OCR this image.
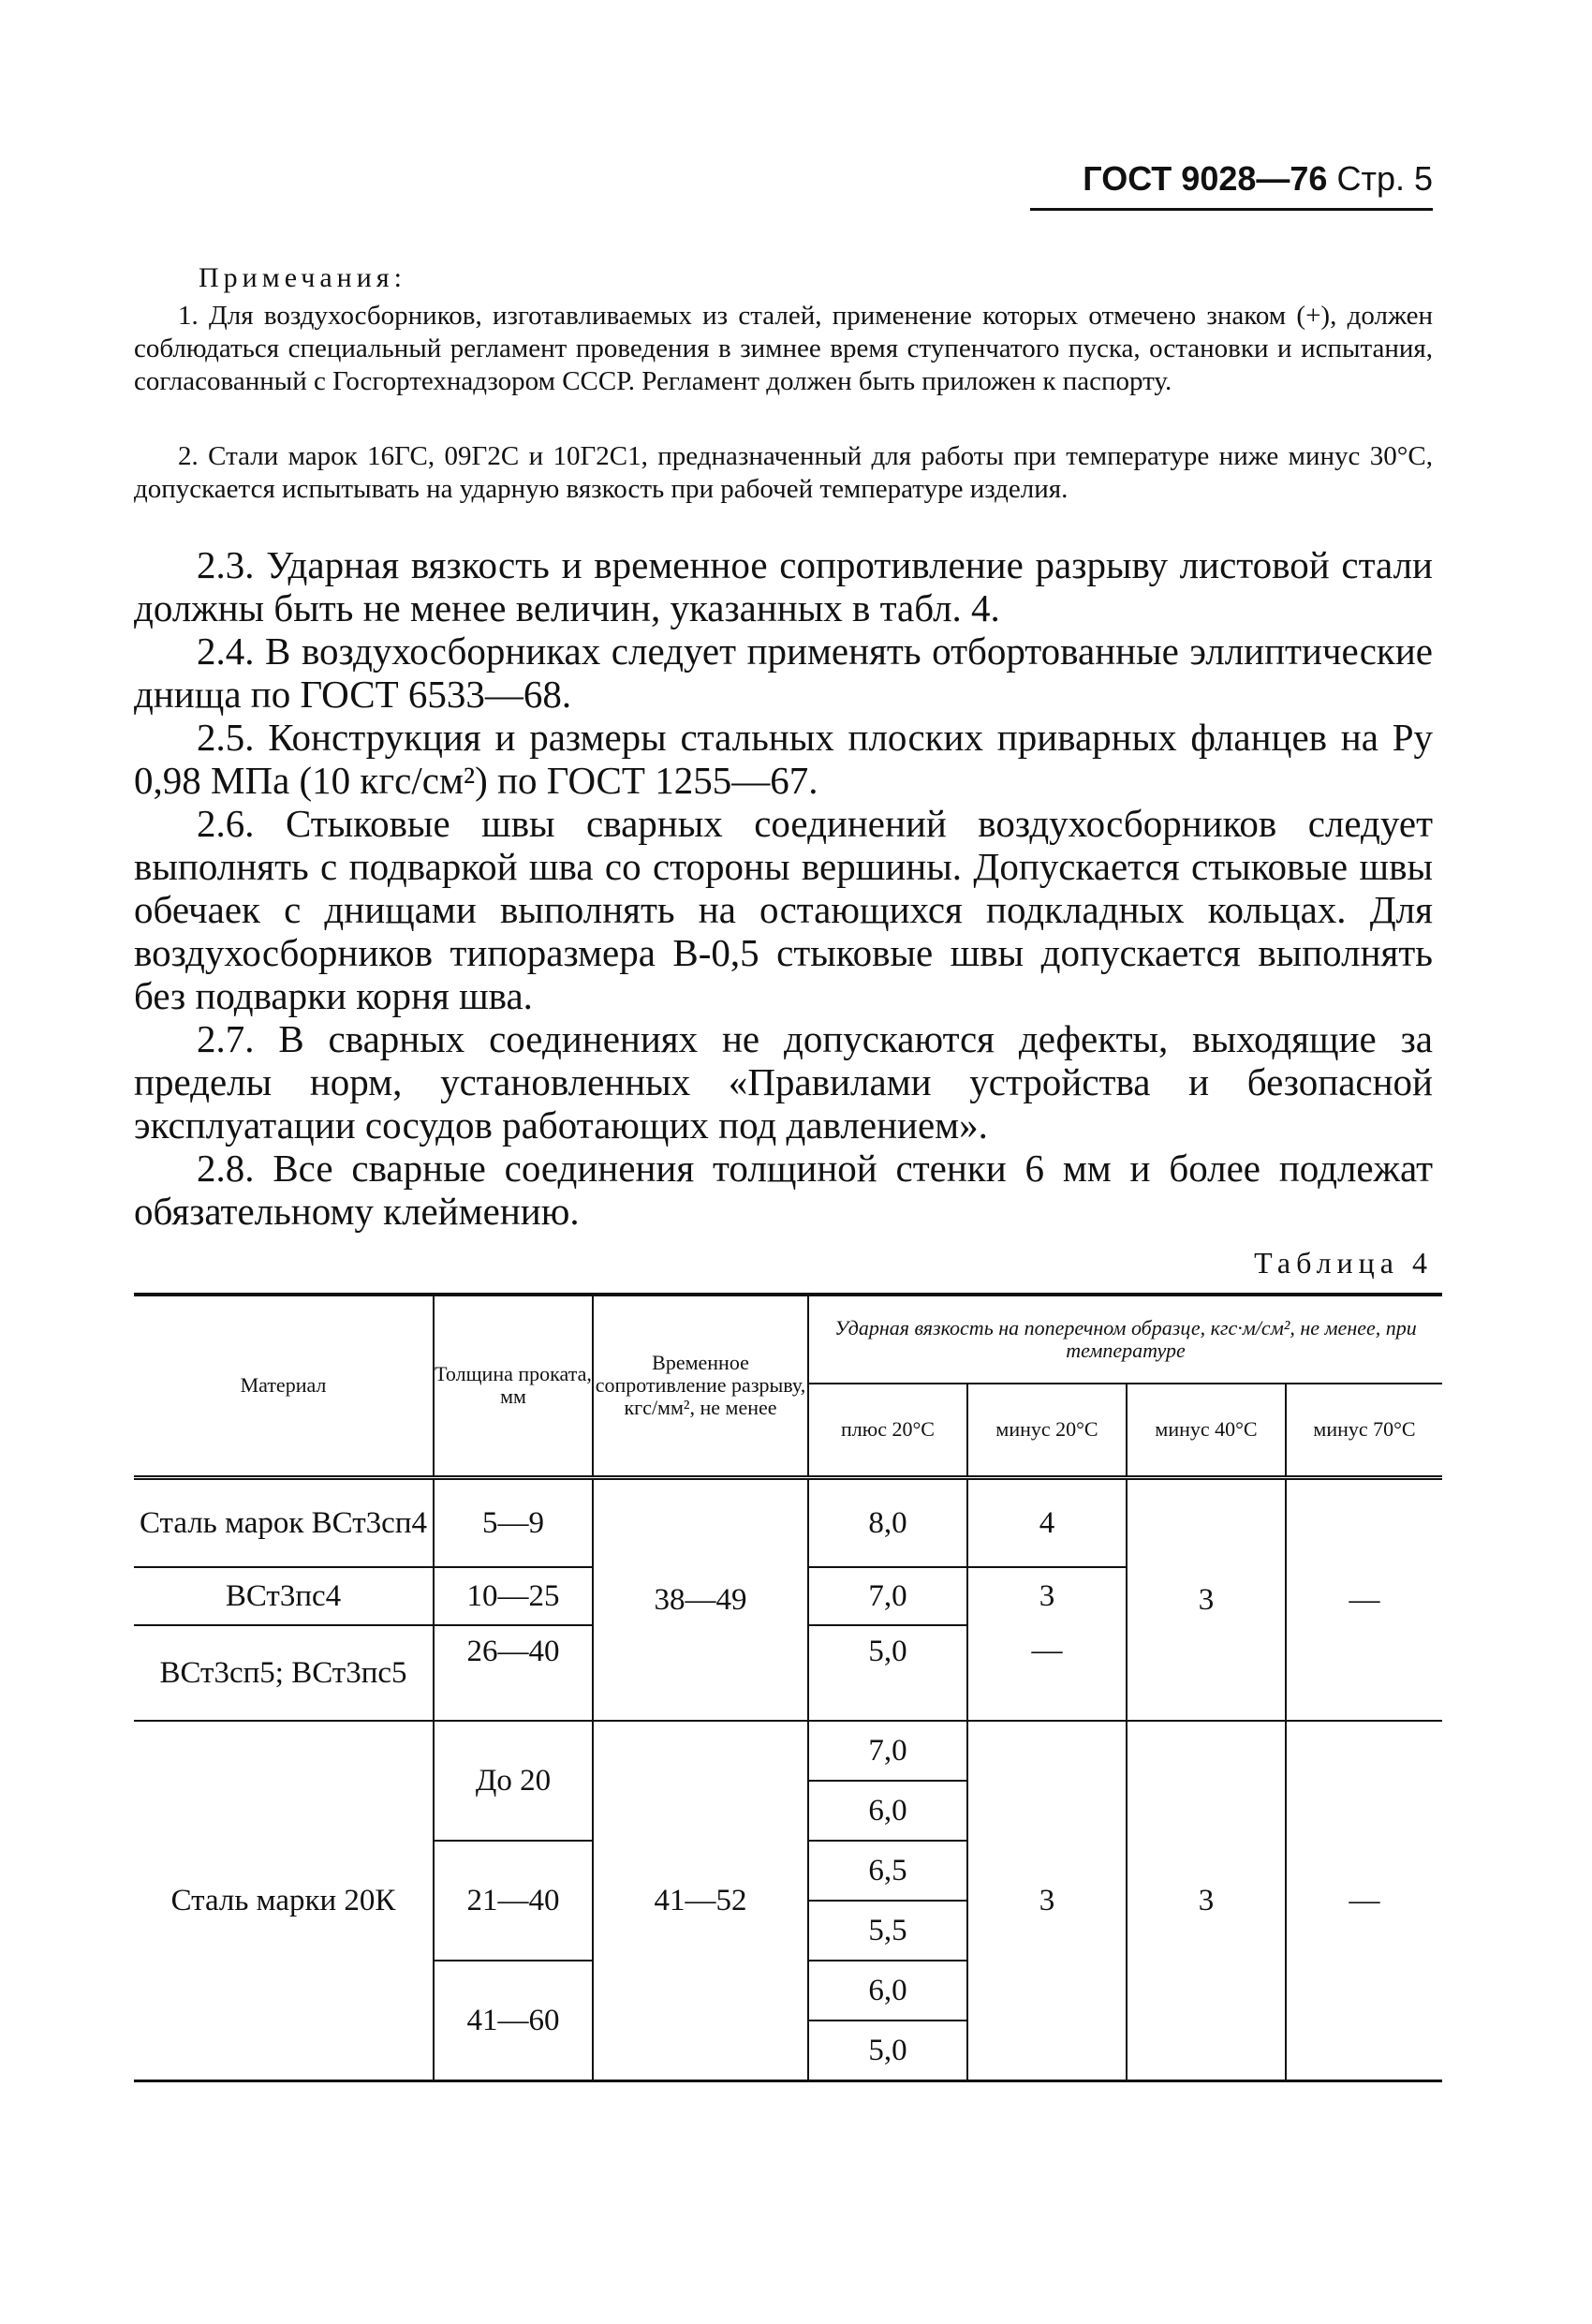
ГОСТ 9028—76 Стр. 5
Примечания:
1. Для воздухосборников, изготавливаемых из сталей, применение которых отмечено знаком (+), должен соблюдаться специальный регламент проведения в зимнее время ступенчатого пуска, остановки и испытания, согласованный с Госгортехнадзором СССР. Регламент должен быть приложен к паспорту.
2. Стали марок 16ГС, 09Г2С и 10Г2С1, предназначенный для работы при температуре ниже минус 30°С, допускается испытывать на ударную вязкость при рабочей температуре изделия.
2.3. Ударная вязкость и временное сопротивление разрыву листовой стали должны быть не менее величин, указанных в табл. 4.
2.4. В воздухосборниках следует применять отбортованные эллиптические днища по ГОСТ 6533—68.
2.5. Конструкция и размеры стальных плоских приварных фланцев на Pу 0,98 МПа (10 кгс/см²) по ГОСТ 1255—67.
2.6. Стыковые швы сварных соединений воздухосборников следует выполнять с подваркой шва со стороны вершины. Допускается стыковые швы обечаек с днищами выполнять на остающихся подкладных кольцах. Для воздухосборников типоразмера В-0,5 стыковые швы допускается выполнять без подварки корня шва.
2.7. В сварных соединениях не допускаются дефекты, выходящие за пределы норм, установленных «Правилами устройства и безопасной эксплуатации сосудов работающих под давлением».
2.8. Все сварные соединения толщиной стенки 6 мм и более подлежат обязательному клеймению.
Таблица 4
Материал	Толщина проката, мм	Временное сопротивление разрыву, кгс/мм², не менее	Ударная вязкость на поперечном образце, кгс·м/см², не менее, при температуре			
			плюс 20°С	минус 20°С	минус 40°С	минус 70°С
Сталь марок ВСт3сп4	5—9	38—49	8,0	4	3	—
ВСт3пс4	10—25		7,0	3		
ВСт3сп5; ВСт3пс5	26—40		5,0	—		
Сталь марки 20К	До 20	41—52	7,0	3	3	—
			6,0			
	21—40		6,5			
			5,5			
	41—60		6,0			
			5,0			
